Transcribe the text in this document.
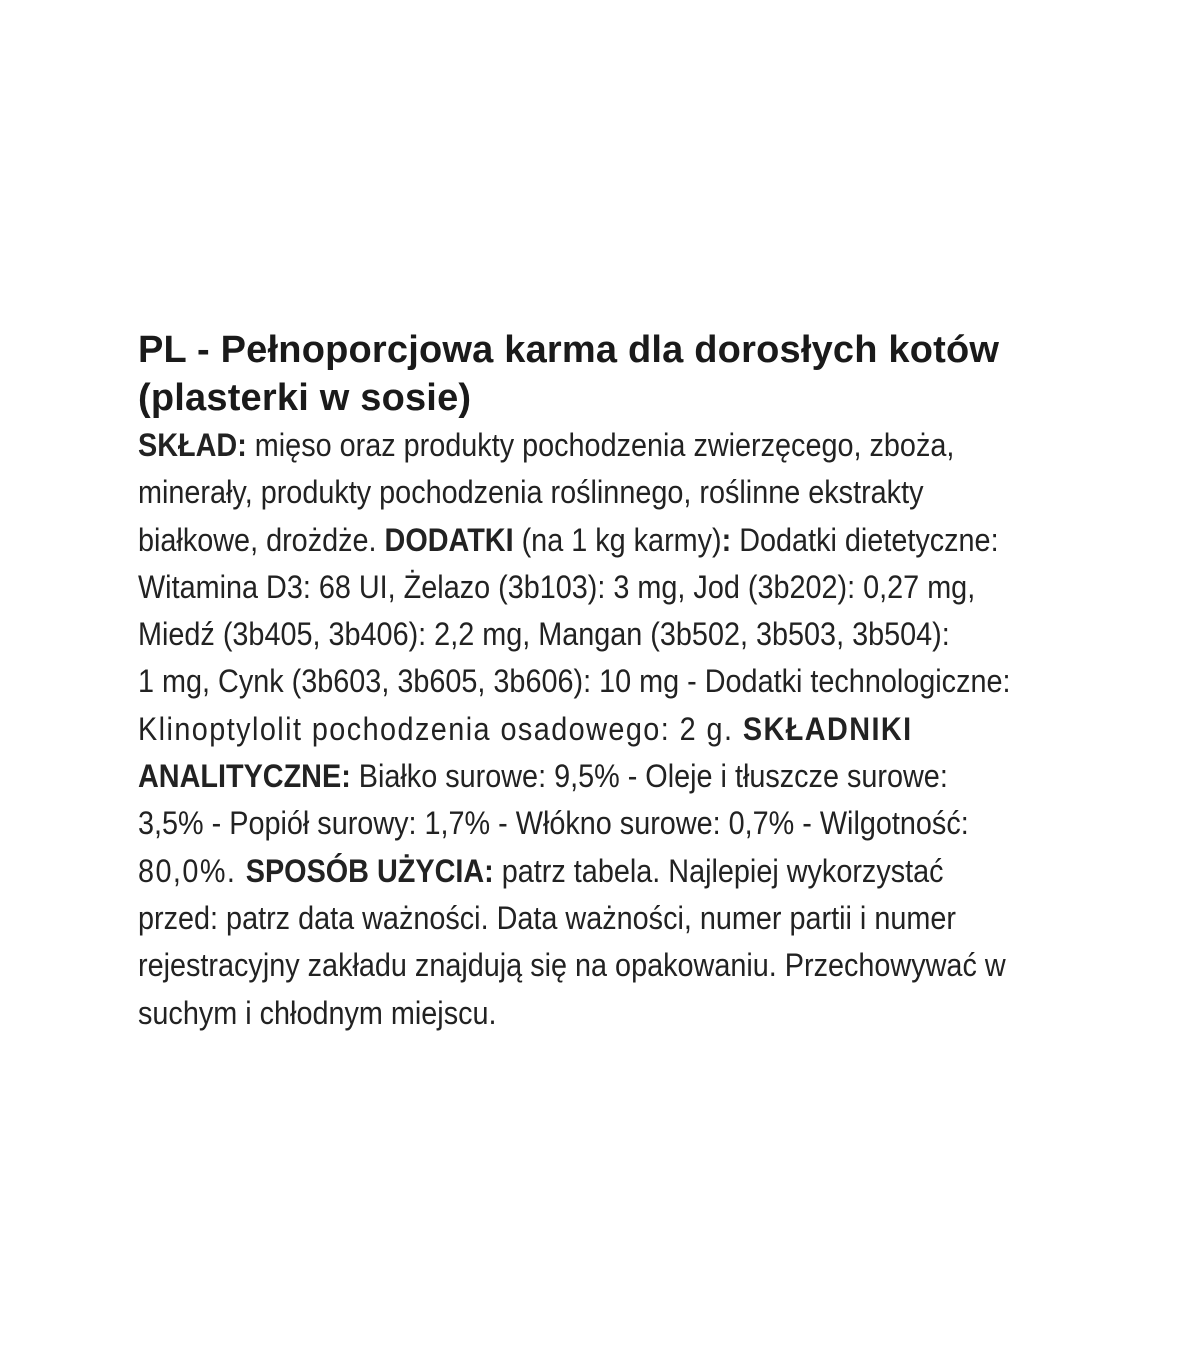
PL - Pełnoporcjowa karma dla dorosłych kotów
(plasterki w sosie)

SKŁAD: mięso oraz produkty pochodzenia zwierzęcego, zboża,
minerały, produkty pochodzenia roślinnego, roślinne ekstrakty
białkowe, drożdże. DODATKI (na 1 kg karmy): Dodatki dietetyczne:
Witamina D3: 68 UI, Żelazo (3b103): 3 mg, Jod (3b202): 0,27 mg,
Miedź (3b405, 3b406): 2,2 mg, Mangan (3b502, 3b503, 3b504):
1 mg, Cynk (3b603, 3b605, 3b606): 10 mg - Dodatki technologiczne:
Klinoptylolit pochodzenia osadowego: 2 g. SKŁADNIKI
ANALITYCZNE: Białko surowe: 9,5% - Oleje i tłuszcze surowe:
3,5% - Popiół surowy: 1,7% - Włókno surowe: 0,7% - Wilgotność:
80,0%. SPOSÓB UŻYCIA: patrz tabela. Najlepiej wykorzystać
przed: patrz data ważności. Data ważności, numer partii i numer
rejestracyjny zakładu znajdują się na opakowaniu. Przechowywać w
suchym i chłodnym miejscu.
